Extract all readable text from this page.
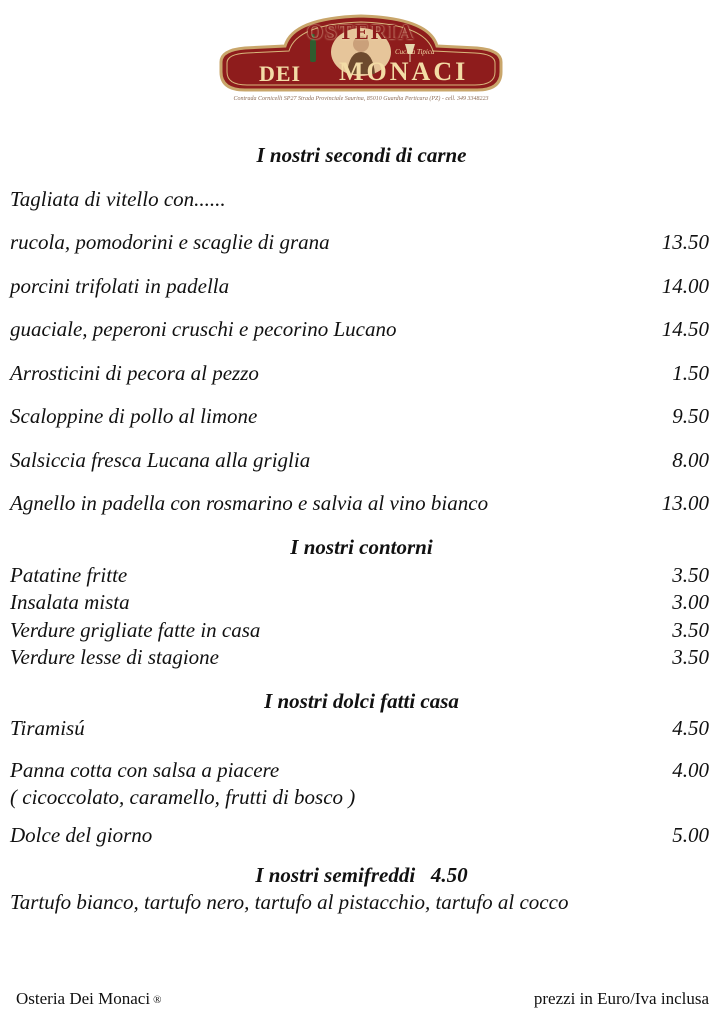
OSTERIA
Cucina Tipica
DEI MONACI
Contrada Cornicelli SP27 Strada Provinciale Saurina, 85010 Guardia Perticara (PZ) - cell. 349 3348223
I nostri secondi di carne
Tagliata di vitello con......
rucola, pomodorini e scaglie di grana	13.50
porcini trifolati in padella	14.00
guaciale, peperoni cruschi e pecorino Lucano	14.50
Arrosticini di pecora al pezzo	1.50
Scaloppine di pollo al limone	9.50
Salsiccia fresca Lucana alla griglia	8.00
Agnello in padella con rosmarino e salvia al vino bianco	13.00
I nostri contorni
Patatine fritte	3.50
Insalata mista	3.00
Verdure grigliate fatte in casa	3.50
Verdure lesse di stagione	3.50
I nostri dolci fatti casa
Tiramisú	4.50
Panna cotta con salsa a piacere	4.00
( cicoccolato, caramello, frutti di bosco )
Dolce del giorno	5.00
I nostri semifreddi   4.50
Tartufo bianco, tartufo nero, tartufo al pistacchio, tartufo al cocco
Osteria Dei Monaci ®	prezzi in Euro/Iva inclusa
